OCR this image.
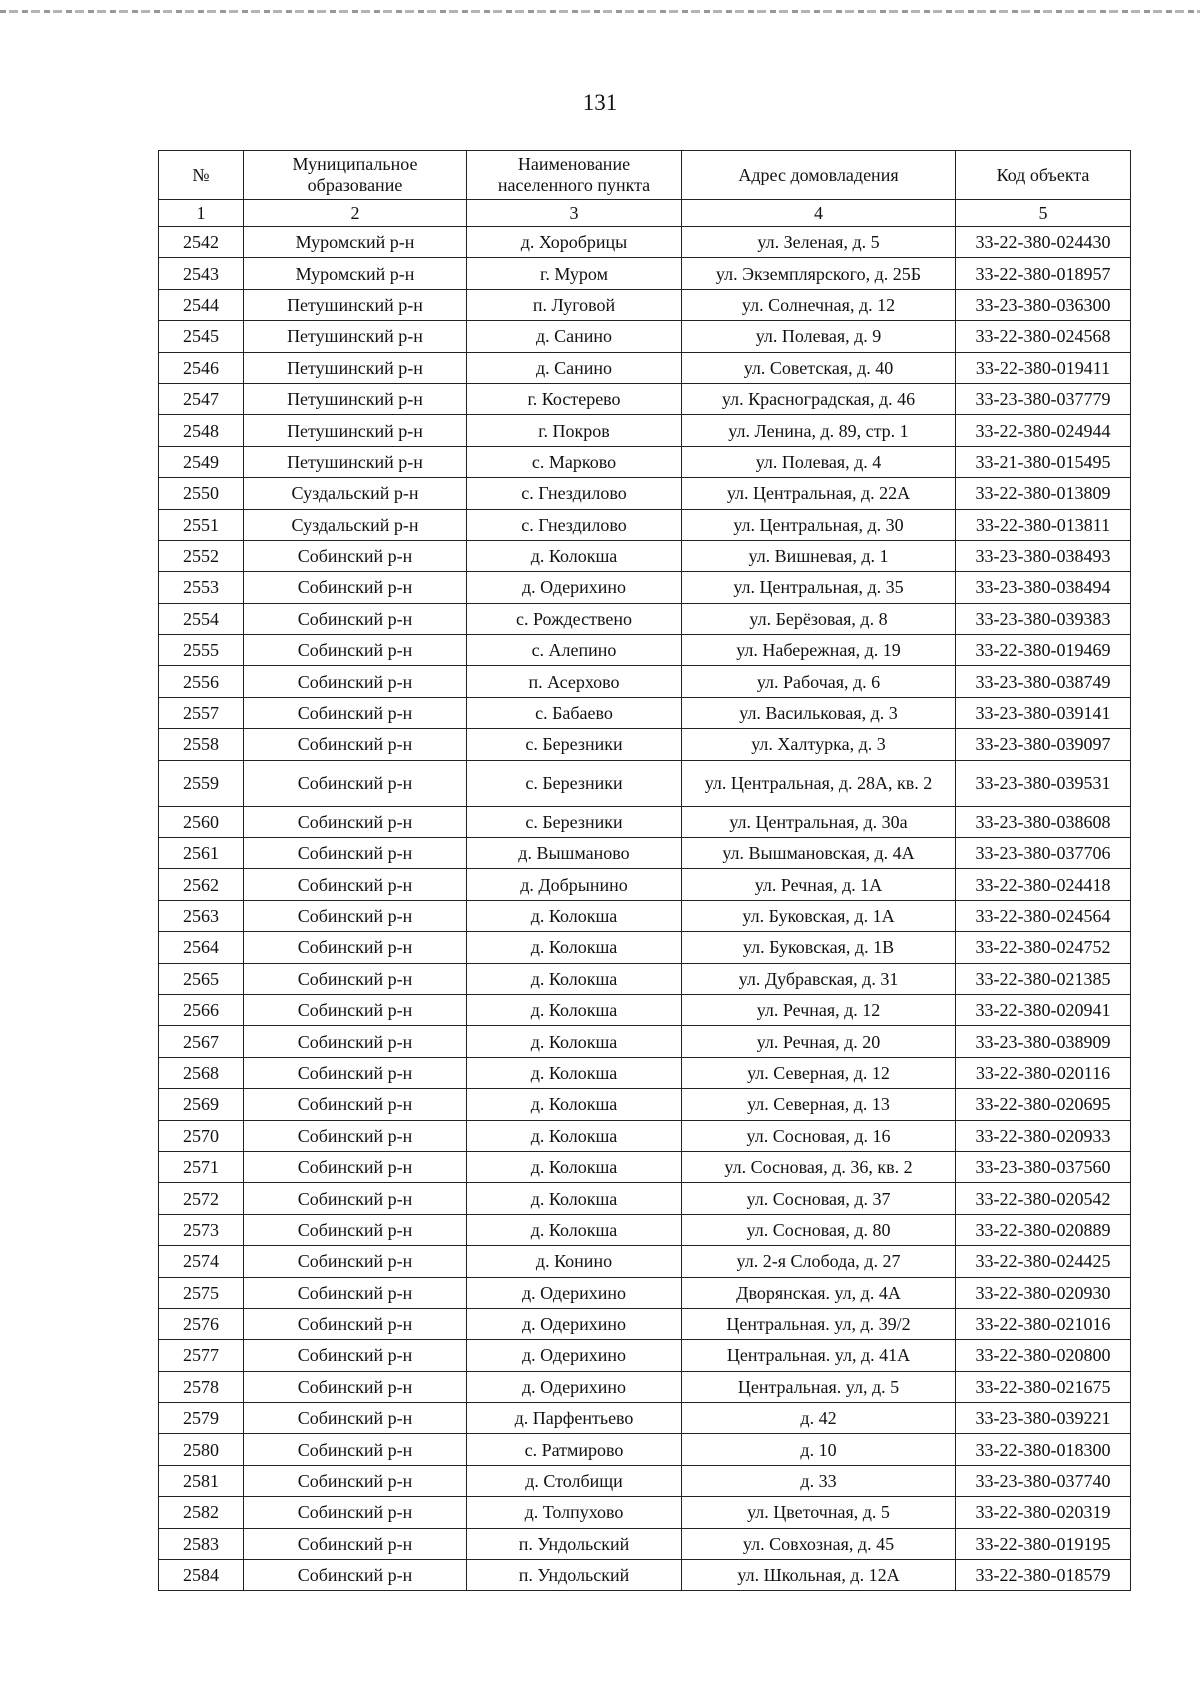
131
№	Муниципальное образование	Наименование населенного пункта	Адрес домовладения	Код объекта
1	2	3	4	5
2542	Муромский р-н	д. Хоробрицы	ул. Зеленая, д. 5	33-22-380-024430
2543	Муромский р-н	г. Муром	ул. Экземплярского, д. 25Б	33-22-380-018957
2544	Петушинский р-н	п. Луговой	ул. Солнечная, д. 12	33-23-380-036300
2545	Петушинский р-н	д. Санино	ул. Полевая, д. 9	33-22-380-024568
2546	Петушинский р-н	д. Санино	ул. Советская, д. 40	33-22-380-019411
2547	Петушинский р-н	г. Костерево	ул. Красноградская, д. 46	33-23-380-037779
2548	Петушинский р-н	г. Покров	ул. Ленина, д. 89, стр. 1	33-22-380-024944
2549	Петушинский р-н	с. Марково	ул. Полевая, д. 4	33-21-380-015495
2550	Суздальский р-н	с. Гнездилово	ул. Центральная, д. 22А	33-22-380-013809
2551	Суздальский р-н	с. Гнездилово	ул. Центральная, д. 30	33-22-380-013811
2552	Собинский р-н	д. Колокша	ул. Вишневая, д. 1	33-23-380-038493
2553	Собинский р-н	д. Одерихино	ул. Центральная, д. 35	33-23-380-038494
2554	Собинский р-н	с. Рождествено	ул. Берёзовая, д. 8	33-23-380-039383
2555	Собинский р-н	с. Алепино	ул. Набережная, д. 19	33-22-380-019469
2556	Собинский р-н	п. Асерхово	ул. Рабочая, д. 6	33-23-380-038749
2557	Собинский р-н	с. Бабаево	ул. Васильковая, д. 3	33-23-380-039141
2558	Собинский р-н	с. Березники	ул. Халтурка, д. 3	33-23-380-039097
2559	Собинский р-н	с. Березники	ул. Центральная, д. 28А, кв. 2	33-23-380-039531
2560	Собинский р-н	с. Березники	ул. Центральная, д. 30а	33-23-380-038608
2561	Собинский р-н	д. Вышманово	ул. Вышмановская, д. 4А	33-23-380-037706
2562	Собинский р-н	д. Добрынино	ул. Речная, д. 1А	33-22-380-024418
2563	Собинский р-н	д. Колокша	ул. Буковская, д. 1А	33-22-380-024564
2564	Собинский р-н	д. Колокша	ул. Буковская, д. 1В	33-22-380-024752
2565	Собинский р-н	д. Колокша	ул. Дубравская, д. 31	33-22-380-021385
2566	Собинский р-н	д. Колокша	ул. Речная, д. 12	33-22-380-020941
2567	Собинский р-н	д. Колокша	ул. Речная, д. 20	33-23-380-038909
2568	Собинский р-н	д. Колокша	ул. Северная, д. 12	33-22-380-020116
2569	Собинский р-н	д. Колокша	ул. Северная, д. 13	33-22-380-020695
2570	Собинский р-н	д. Колокша	ул. Сосновая, д. 16	33-22-380-020933
2571	Собинский р-н	д. Колокша	ул. Сосновая, д. 36, кв. 2	33-23-380-037560
2572	Собинский р-н	д. Колокша	ул. Сосновая, д. 37	33-22-380-020542
2573	Собинский р-н	д. Колокша	ул. Сосновая, д. 80	33-22-380-020889
2574	Собинский р-н	д. Конино	ул. 2-я Слобода, д. 27	33-22-380-024425
2575	Собинский р-н	д. Одерихино	Дворянская. ул, д. 4А	33-22-380-020930
2576	Собинский р-н	д. Одерихино	Центральная. ул, д. 39/2	33-22-380-021016
2577	Собинский р-н	д. Одерихино	Центральная. ул, д. 41А	33-22-380-020800
2578	Собинский р-н	д. Одерихино	Центральная. ул, д. 5	33-22-380-021675
2579	Собинский р-н	д. Парфентьево	д. 42	33-23-380-039221
2580	Собинский р-н	с. Ратмирово	д. 10	33-22-380-018300
2581	Собинский р-н	д. Столбищи	д. 33	33-23-380-037740
2582	Собинский р-н	д. Толпухово	ул. Цветочная, д. 5	33-22-380-020319
2583	Собинский р-н	п. Ундольский	ул. Совхозная, д. 45	33-22-380-019195
2584	Собинский р-н	п. Ундольский	ул. Школьная, д. 12А	33-22-380-018579
